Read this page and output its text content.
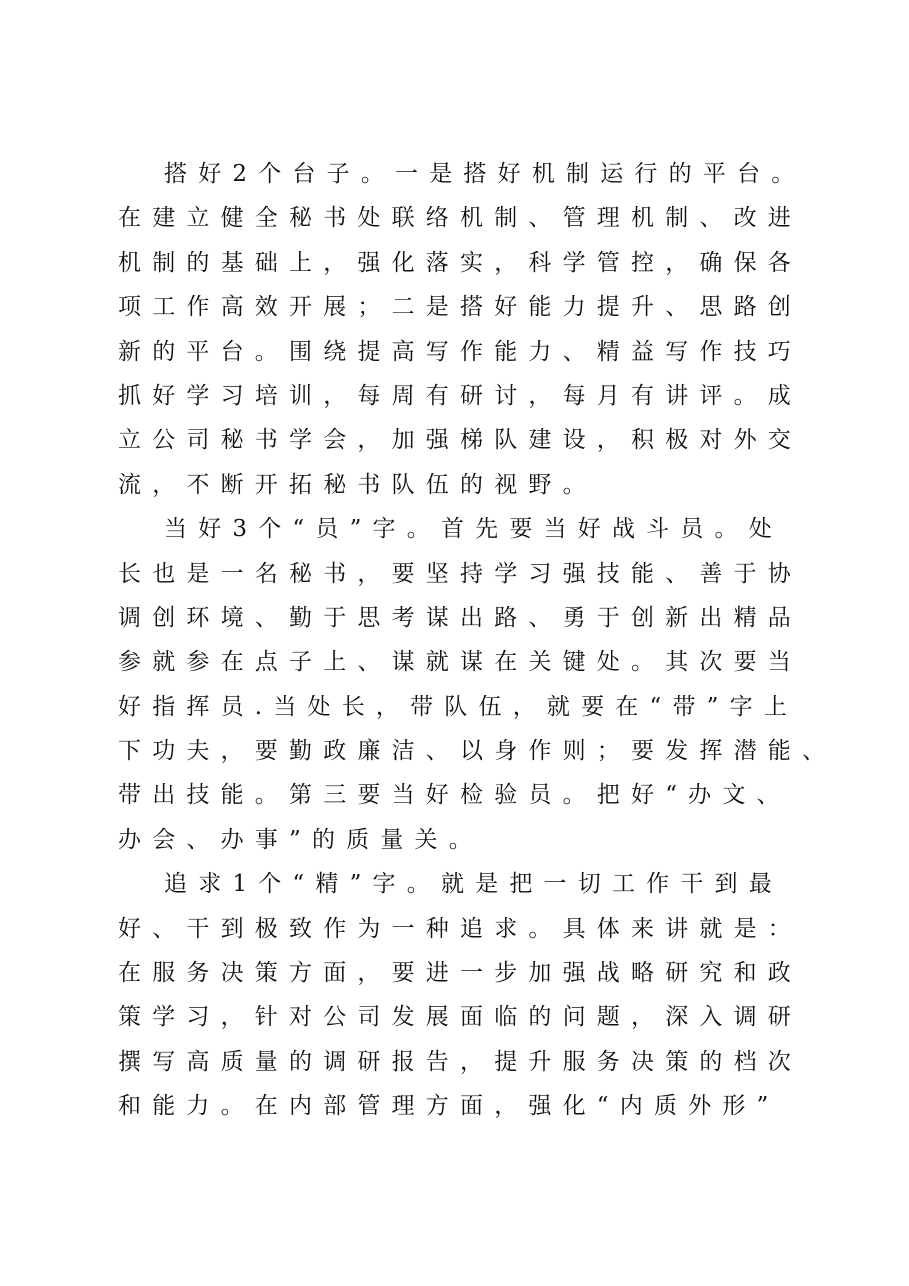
搭好2个台子。一是搭好机制运行的平台。
在建立健全秘书处联络机制、管理机制、改进
机制的基础上，强化落实，科学管控，确保各
项工作高效开展；二是搭好能力提升、思路创
新的平台。围绕提高写作能力、精益写作技巧
抓好学习培训，每周有研讨，每月有讲评。成
立公司秘书学会，加强梯队建设，积极对外交
流，不断开拓秘书队伍的视野。
当好3个“员”字。首先要当好战斗员。处
长也是一名秘书，要坚持学习强技能、善于协
调创环境、勤于思考谋出路、勇于创新出精品
参就参在点子上、谋就谋在关键处。其次要当
好指挥员.当处长，带队伍，就要在“带”字上
下功夫，要勤政廉洁、以身作则；要发挥潜能、
带出技能。第三要当好检验员。把好“办文、
办会、办事”的质量关。
追求1个“精”字。就是把一切工作干到最
好、干到极致作为一种追求。具体来讲就是：
在服务决策方面，要进一步加强战略研究和政
策学习，针对公司发展面临的问题，深入调研
撰写高质量的调研报告，提升服务决策的档次
和能力。在内部管理方面，强化“内质外形”
